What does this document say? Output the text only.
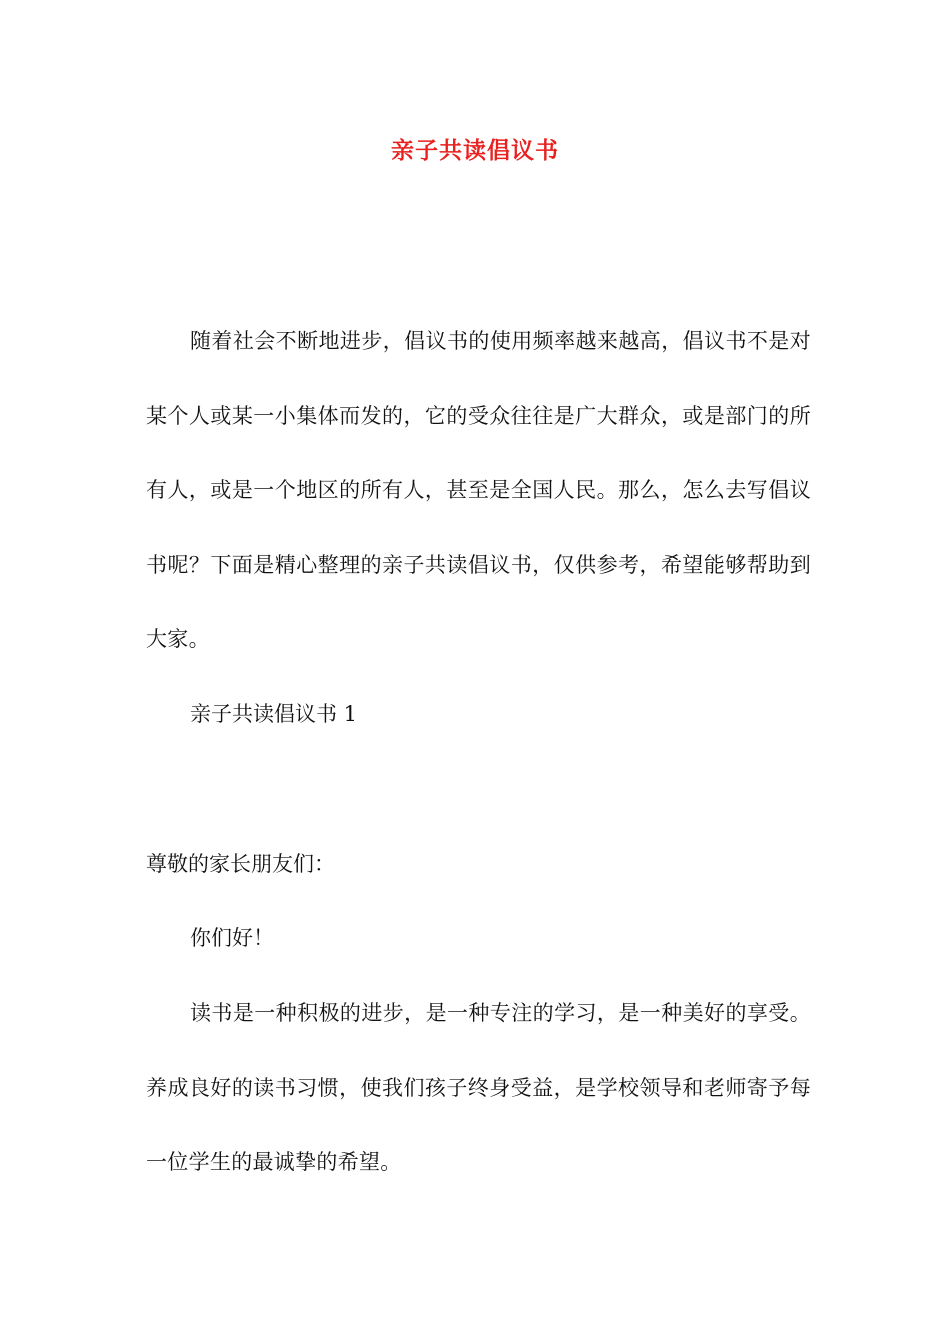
亲子共读倡议书

随着社会不断地进步，倡议书的使用频率越来越高，倡议书不是对某个人或某一小集体而发的，它的受众往往是广大群众，或是部门的所有人，或是一个地区的所有人，甚至是全国人民。那么，怎么去写倡议书呢？下面是精心整理的亲子共读倡议书，仅供参考，希望能够帮助到大家。

亲子共读倡议书 1

尊敬的家长朋友们：

你们好！

读书是一种积极的进步，是一种专注的学习，是一种美好的享受。养成良好的读书习惯，使我们孩子终身受益，是学校领导和老师寄予每一位学生的最诚挚的希望。
